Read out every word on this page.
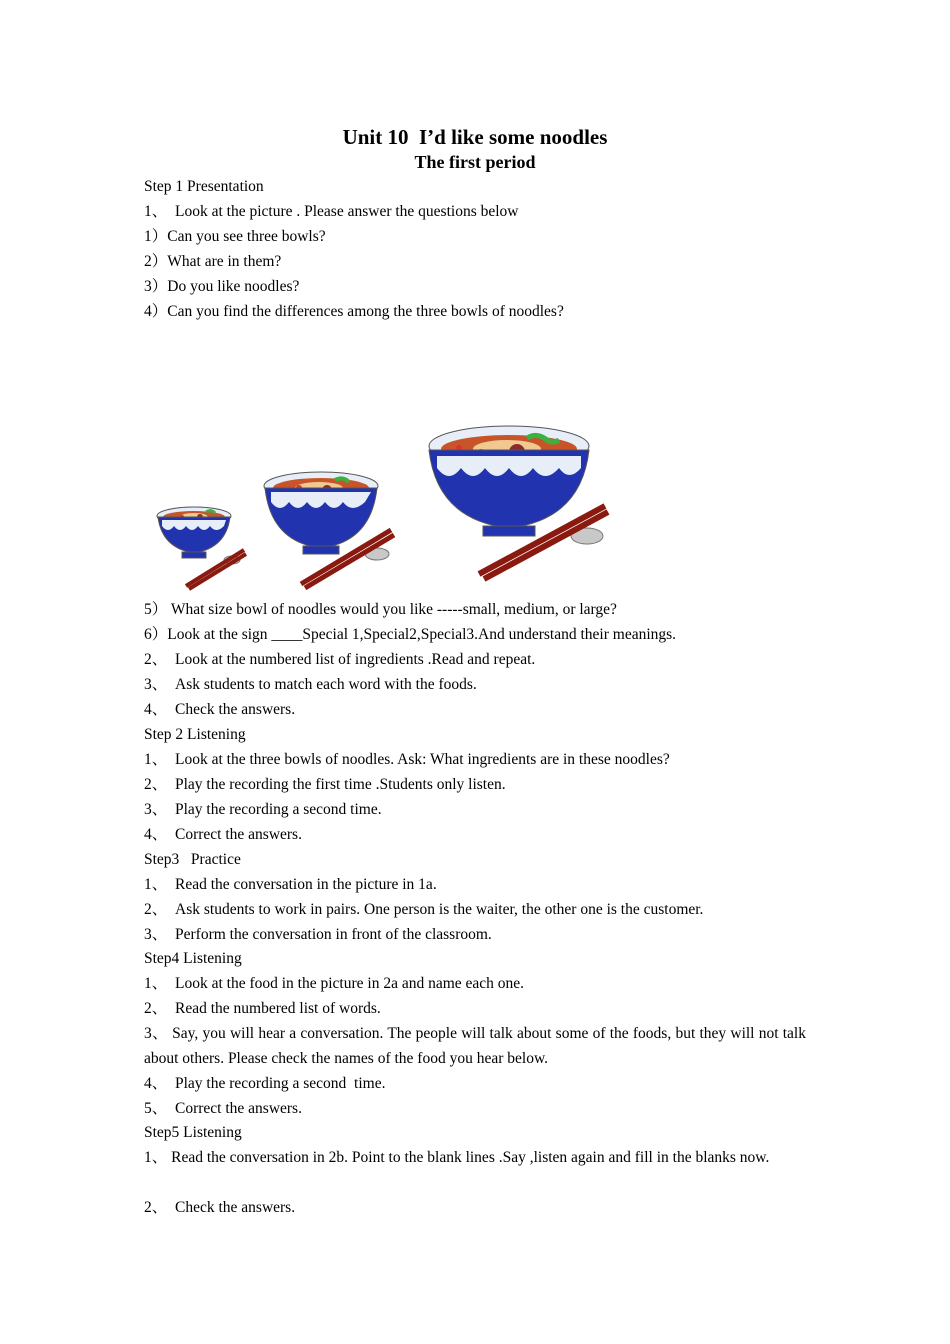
Unit 10  I’d like some noodles
The first period
Step 1 Presentation
1、  Look at the picture . Please answer the questions below
1）Can you see three bowls?
2）What are in them?
3）Do you like noodles?
4）Can you find the differences among the three bowls of noodles?
5） What size bowl of noodles would you like -----small, medium, or large?
6）Look at the sign ____Special 1,Special2,Special3.And understand their meanings.
2、  Look at the numbered list of ingredients .Read and repeat.
3、  Ask students to match each word with the foods.
4、  Check the answers.
Step 2 Listening
1、  Look at the three bowls of noodles. Ask: What ingredients are in these noodles?
2、  Play the recording the first time .Students only listen.
3、  Play the recording a second time.
4、  Correct the answers.
Step3   Practice
1、  Read the conversation in the picture in 1a.
2、  Ask students to work in pairs. One person is the waiter, the other one is the customer.
3、  Perform the conversation in front of the classroom.
Step4 Listening
1、  Look at the food in the picture in 2a and name each one.
2、  Read the numbered list of words.
3、 Say, you will hear a conversation. The people will talk about some of the foods, but they will not talk about others. Please check the names of the food you hear below.
4、  Play the recording a second  time.
5、  Correct the answers.
Step5 Listening
1、 Read the conversation in 2b. Point to the blank lines .Say ,listen again and fill in the blanks now.
2、  Check the answers.
